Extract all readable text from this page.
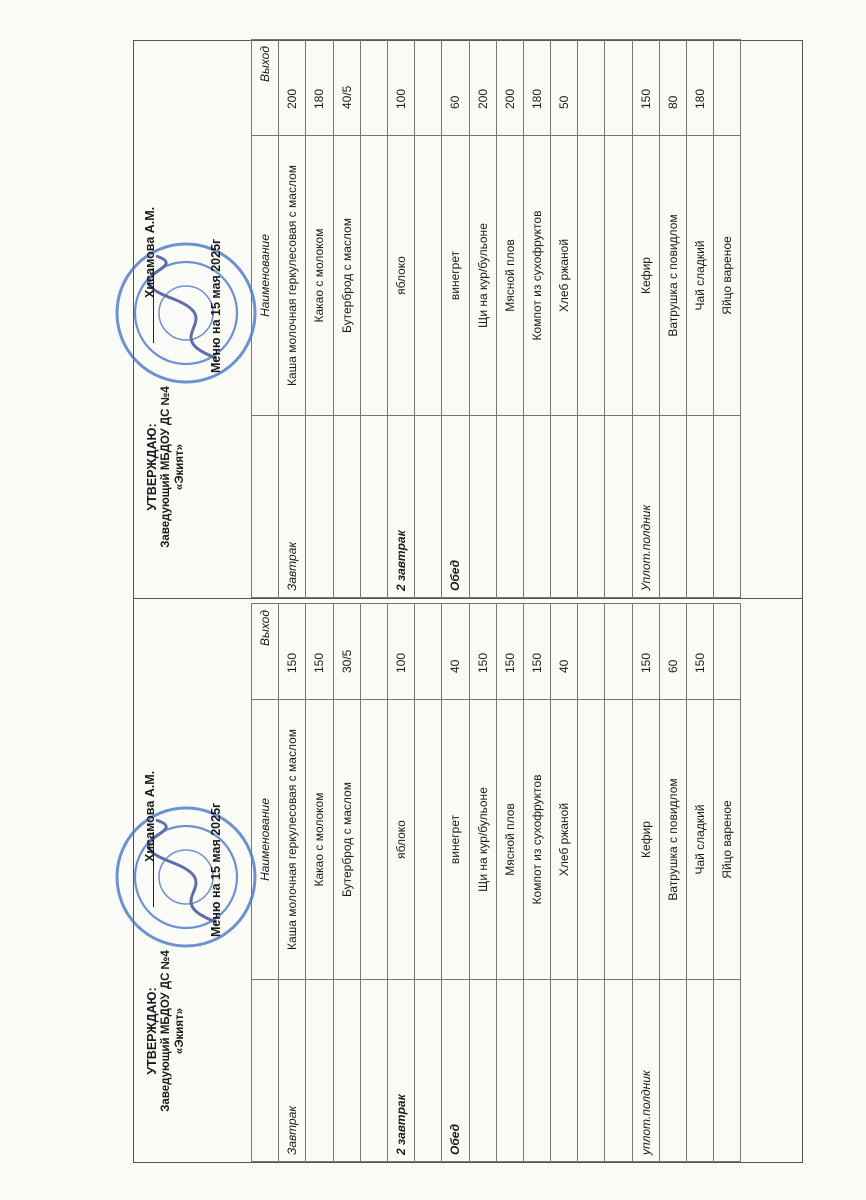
УТВЕРЖДАЮ: Заведующий МБДОУ ДС №4 «Экият»
Хисамова А.М.	Меню на 15 мая 2025г
		Наименование	Выход
Завтрак	Каша молочная геркулесовая с маслом	200
	Какао с молоком	180
	Бутерброд с маслом	40/5

2 завтрак	яблоко	100

Обед	винегрет	60
	Щи на кур/бульоне	200
	Мясной плов	200
	Компот из сухофруктов	180
	Хлеб ржаной	50

Уплот.полдник	Кефир	150
	Ватрушка с повидлом	80
	Чай сладкий	180
	Яйцо вареное	
УТВЕРЖДАЮ: Заведующий МБДОУ ДС №4 «Экият»
Хисамова А.М.	Меню на 15 мая 2025г
		Наименование	Выход
Завтрак	Каша молочная геркулесовая с маслом	150
	Какао с молоком	150
	Бутерброд с маслом	30/5

2 завтрак	яблоко	100

Обед	винегрет	40
	Щи на кур/бульоне	150
	Мясной плов	150
	Компот из сухофруктов	150
	Хлеб ржаной	40

уплот.полдник	Кефир	150
	Ватрушка с повидлом	60
	Чай сладкий	150
	Яйцо вареное	
